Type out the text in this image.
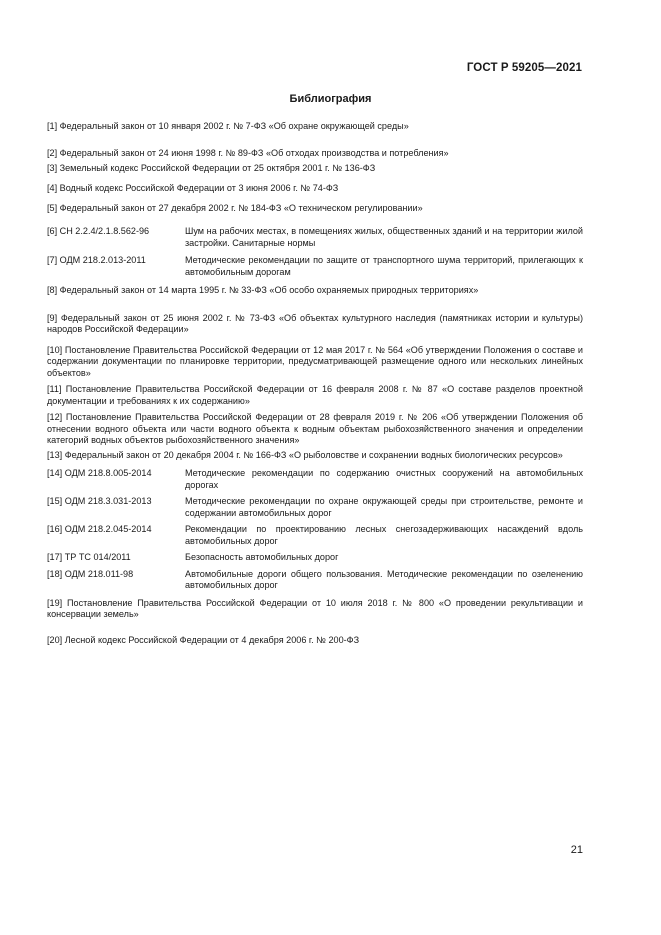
ГОСТ Р 59205—2021
Библиография

[1] Федеральный закон от 10 января 2002 г. № 7-ФЗ «Об охране окружающей среды»

[2] Федеральный закон от 24 июня 1998 г. № 89-ФЗ «Об отходах производства и потребления»

[3] Земельный кодекс Российской Федерации от 25 октября 2001 г. № 136-ФЗ

[4] Водный кодекс Российской Федерации от 3 июня 2006 г. № 74-ФЗ

[5] Федеральный закон от 27 декабря 2002 г. № 184-ФЗ «О техническом регулировании»

[6] СН 2.2.4/2.1.8.562-96	Шум на рабочих местах, в помещениях жилых, общественных зданий и на территории жилой застройки. Санитарные нормы
[7] ОДМ 218.2.013-2011	Методические рекомендации по защите от транспортного шума территорий, прилегающих к автомобильным дорогам

[8] Федеральный закон от 14 марта 1995 г. № 33-ФЗ «Об особо охраняемых природных территориях»

[9] Федеральный закон от 25 июня 2002 г. № 73-ФЗ «Об объектах культурного наследия (памятниках истории и культуры) народов Российской Федерации»

[10] Постановление Правительства Российской Федерации от 12 мая 2017 г. № 564 «Об утверждении Положения о составе и содержании документации по планировке территории, предусматривающей размещение одного или нескольких линейных объектов»

[11] Постановление Правительства Российской Федерации от 16 февраля 2008 г. № 87 «О составе разделов проектной документации и требованиях к их содержанию»

[12] Постановление Правительства Российской Федерации от 28 февраля 2019 г. № 206 «Об утверждении Положения об отнесении водного объекта или части водного объекта к водным объектам рыбохозяйственного значения и определении категорий водных объектов рыбохозяйственного значения»

[13] Федеральный закон от 20 декабря 2004 г. № 166-ФЗ «О рыболовстве и сохранении водных биологических ресурсов»

[14] ОДМ 218.8.005-2014	Методические рекомендации по содержанию очистных сооружений на автомобильных дорогах
[15] ОДМ 218.3.031-2013	Методические рекомендации по охране окружающей среды при строительстве, ремонте и содержании автомобильных дорог
[16] ОДМ 218.2.045-2014	Рекомендации по проектированию лесных снегозадерживающих насаждений вдоль автомобильных дорог
[17] ТР ТС 014/2011	Безопасность автомобильных дорог
[18] ОДМ 218.011-98	Автомобильные дороги общего пользования. Методические рекомендации по озеленению автомобильных дорог

[19] Постановление Правительства Российской Федерации от 10 июля 2018 г. № 800 «О проведении рекультивации и консервации земель»

[20] Лесной кодекс Российской Федерации от 4 декабря 2006 г. № 200-ФЗ

21
